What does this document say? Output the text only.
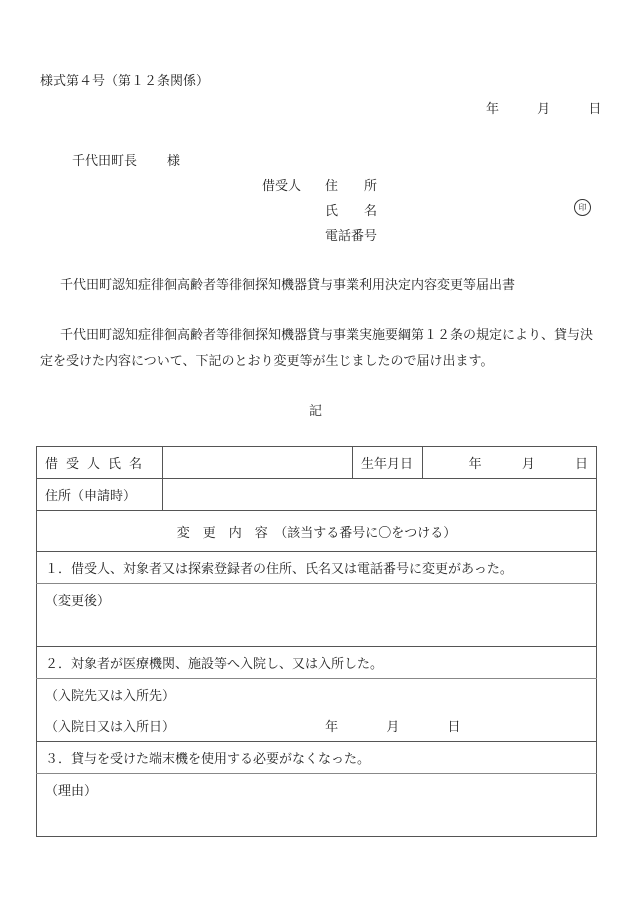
様式第４号（第１２条関係）
年	月	日
千代田町長 様
借受人 住　　所
氏　　名	印
電話番号
千代田町認知症徘徊高齢者等徘徊探知機器貸与事業利用決定内容変更等届出書
千代田町認知症徘徊高齢者等徘徊探知機器貸与事業実施要綱第１２条の規定により、貸与決定を受けた内容について、下記のとおり変更等が生じましたので届け出ます。
記
借受人氏名		生年月日	年 月 日
住所（申請時）			
変　更　内　容　（該当する番号に〇をつける）			
１．借受人、対象者又は探索登録者の住所、氏名又は電話番号に変更があった。			
（変更後）			
２．対象者が医療機関、施設等へ入院し、又は入所した。			
（入院先又は入所先）			
（入院日又は入所日） 年 月 日			
３．貸与を受けた端末機を使用する必要がなくなった。			
（理由）			
